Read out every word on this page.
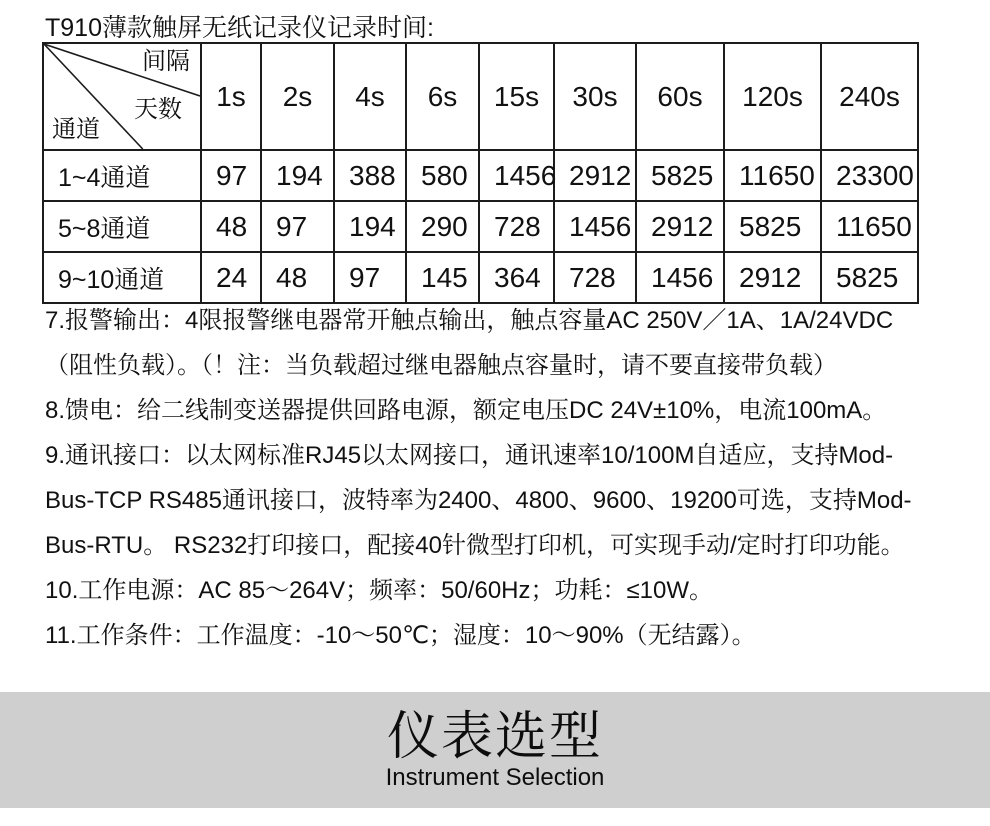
T910薄款触屏无纸记录仪记录时间:
间隔
天数
通道	1s	2s	4s	6s	15s	30s	60s	120s	240s
1~4通道	97	194	388	580	1456	2912	5825	11650	23300
5~8通道	48	97	194	290	728	1456	2912	5825	11650
9~10通道	24	48	97	145	364	728	1456	2912	5825
7.报警输出：4限报警继电器常开触点输出，触点容量AC 250V／1A、1A/24VDC
（阻性负载）。（！注：当负载超过继电器触点容量时，请不要直接带负载）
8.馈电：给二线制变送器提供回路电源，额定电压DC 24V±10%，电流100mA。
9.通讯接口：以太网标准RJ45以太网接口，通讯速率10/100M自适应，支持Mod-
Bus-TCP RS485通讯接口，波特率为2400、4800、9600、19200可选，支持Mod-
Bus-RTU。 RS232打印接口，配接40针微型打印机，可实现手动/定时打印功能。
10.工作电源：AC 85～264V；频率：50/60Hz；功耗：≤10W。
11.工作条件：工作温度：-10～50℃；湿度：10～90%（无结露）。
仪表选型
Instrument Selection
